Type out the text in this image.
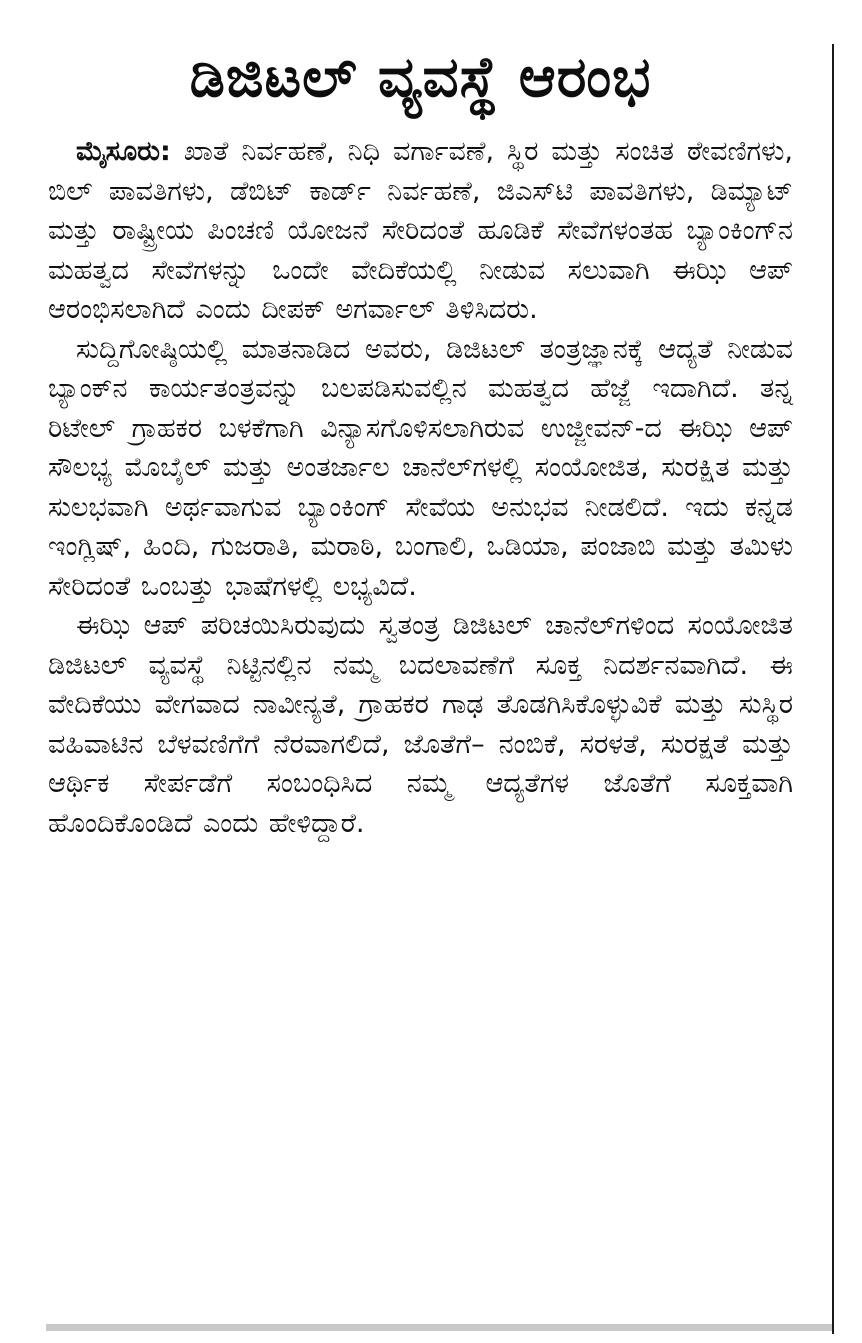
ಡಿಜಿಟಲ್ ವ್ಯವಸ್ಥೆ ಆರಂಭ

ಮೈಸೂರು: ಖಾತೆ ನಿರ್ವಹಣೆ, ನಿಧಿ ವರ್ಗಾವಣೆ, ಸ್ಥಿರ ಮತ್ತು ಸಂಚಿತ ಠೇವಣಿಗಳು, ಬಿಲ್ ಪಾವತಿಗಳು, ಡೆಬಿಟ್ ಕಾರ್ಡ್ ನಿರ್ವಹಣೆ, ಜಿಎಸ್‌ಟಿ ಪಾವತಿಗಳು, ಡಿಮ್ಯಾಟ್ ಮತ್ತು ರಾಷ್ಟ್ರೀಯ ಪಿಂಚಣಿ ಯೋಜನೆ ಸೇರಿದಂತೆ ಹೂಡಿಕೆ ಸೇವೆಗಳಂತಹ ಬ್ಯಾಂಕಿಂಗ್‌ನ ಮಹತ್ವದ ಸೇವೆಗಳನ್ನು ಒಂದೇ ವೇದಿಕೆಯಲ್ಲಿ ನೀಡುವ ಸಲುವಾಗಿ ಈಝಿ ಆಪ್ ಆರಂಭಿಸಲಾಗಿದೆ ಎಂದು ದೀಪಕ್ ಅಗರ್ವಾಲ್ ತಿಳಿಸಿದರು.

ಸುದ್ದಿಗೋಷ್ಠಿಯಲ್ಲಿ ಮಾತನಾಡಿದ ಅವರು, ಡಿಜಿಟಲ್ ತಂತ್ರಜ್ಞಾನಕ್ಕೆ ಆದ್ಯತೆ ನೀಡುವ ಬ್ಯಾಂಕ್‌ನ ಕಾರ್ಯತಂತ್ರವನ್ನು ಬಲಪಡಿಸುವಲ್ಲಿನ ಮಹತ್ವದ ಹೆಜ್ಜೆ ಇದಾಗಿದೆ. ತನ್ನ ರಿಟೇಲ್ ಗ್ರಾಹಕರ ಬಳಕೆಗಾಗಿ ವಿನ್ಯಾಸಗೊಳಿಸಲಾಗಿರುವ ಉಜ್ಜೀವನ್-ದ ಈಝಿ ಆಪ್ ಸೌಲಭ್ಯ ಮೊಬೈಲ್ ಮತ್ತು ಅಂತರ್ಜಾಲ ಚಾನೆಲ್‌ಗಳಲ್ಲಿ ಸಂಯೋಜಿತ, ಸುರಕ್ಷಿತ ಮತ್ತು ಸುಲಭವಾಗಿ ಅರ್ಥವಾಗುವ ಬ್ಯಾಂಕಿಂಗ್ ಸೇವೆಯ ಅನುಭವ ನೀಡಲಿದೆ. ಇದು ಕನ್ನಡ ಇಂಗ್ಲಿಷ್, ಹಿಂದಿ, ಗುಜರಾತಿ, ಮರಾಠಿ, ಬಂಗಾಲಿ, ಒಡಿಯಾ, ಪಂಜಾಬಿ ಮತ್ತು ತಮಿಳು ಸೇರಿದಂತೆ ಒಂಬತ್ತು ಭಾಷೆಗಳಲ್ಲಿ ಲಭ್ಯವಿದೆ.

ಈಝಿ ಆಪ್ ಪರಿಚಯಿಸಿರುವುದು ಸ್ವತಂತ್ರ ಡಿಜಿಟಲ್ ಚಾನೆಲ್‌ಗಳಿಂದ ಸಂಯೋಜಿತ ಡಿಜಿಟಲ್ ವ್ಯವಸ್ಥೆ ನಿಟ್ಟಿನಲ್ಲಿನ ನಮ್ಮ ಬದಲಾವಣೆಗೆ ಸೂಕ್ತ ನಿದರ್ಶನವಾಗಿದೆ. ಈ ವೇದಿಕೆಯು ವೇಗವಾದ ನಾವೀನ್ಯತೆ, ಗ್ರಾಹಕರ ಗಾಢ ತೊಡಗಿಸಿಕೊಳ್ಳುವಿಕೆ ಮತ್ತು ಸುಸ್ಥಿರ ವಹಿವಾಟಿನ ಬೆಳವಣಿಗೆಗೆ ನೆರವಾಗಲಿದೆ, ಜೊತೆಗೆ– ನಂಬಿಕೆ, ಸರಳತೆ, ಸುರಕ್ಷತೆ ಮತ್ತು ಆರ್ಥಿಕ ಸೇರ್ಪಡೆಗೆ ಸಂಬಂಧಿಸಿದ ನಮ್ಮ ಆದ್ಯತೆಗಳ ಜೊತೆಗೆ ಸೂಕ್ತವಾಗಿ ಹೊಂದಿಕೊಂಡಿದೆ ಎಂದು ಹೇಳಿದ್ದಾರೆ.
